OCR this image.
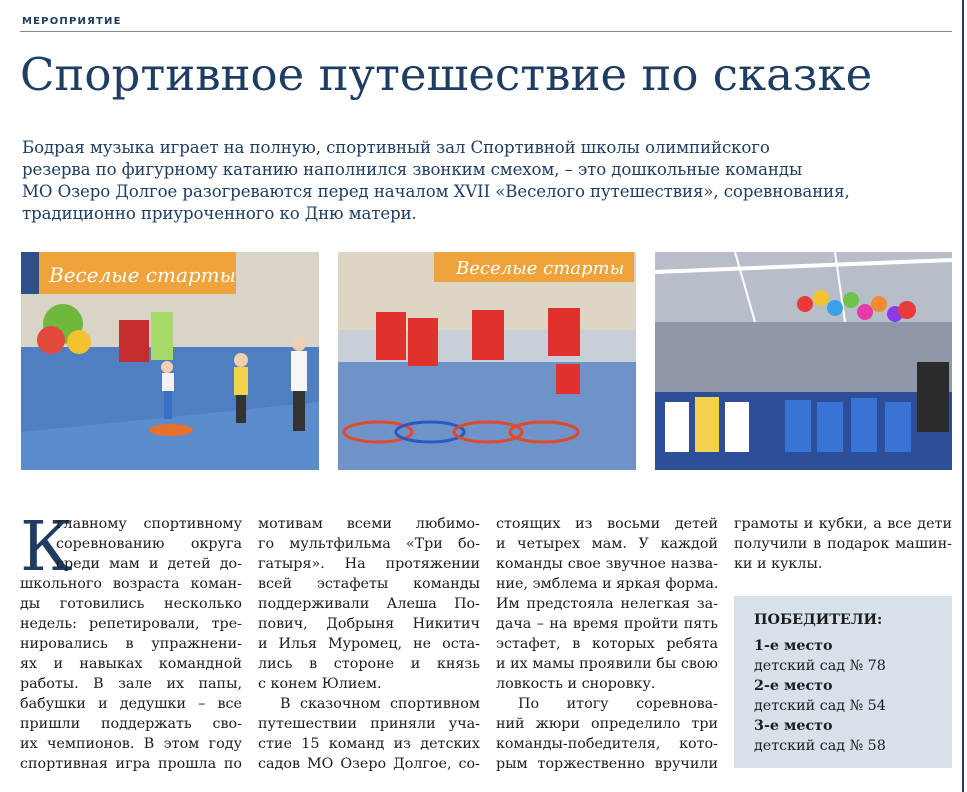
МЕРОПРИЯТИЕ
Спортивное путешествие по сказке
Бодрая музыка играет на полную, спортивный зал Спортивной школы олимпийского
резерва по фигурному катанию наполнился звонким смехом, – это дошкольные команды
МО Озеро Долгое разогреваются перед началом XVII «Веселого путешествия», соревнования,
традиционно приуроченного ко Дню матери.
Веселые старты	Веселые старты
К
главному спортивному
соревнованию округа
среди мам и детей до-
школьного возраста коман-
ды готовились несколько
недель: репетировали, тре-
нировались в упражнени-
ях и навыках командной
работы. В зале их папы,
бабушки и дедушки – все
пришли поддержать сво-
их чемпионов. В этом году
спортивная игра прошла по
мотивам всеми любимо-
го мультфильма «Три бо-
гатыря». На протяжении
всей эстафеты команды
поддерживали Алеша По-
пович, Добрыня Никитич
и Илья Муромец, не оста-
лись в стороне и князь
с конем Юлием.
В сказочном спортивном
путешествии приняли уча-
стие 15 команд из детских
садов МО Озеро Долгое, со-
стоящих из восьми детей
и четырех мам. У каждой
команды свое звучное назва-
ние, эмблема и яркая форма.
Им предстояла нелегкая за-
дача – на время пройти пять
эстафет, в которых ребята
и их мамы проявили бы свою
ловкость и сноровку.
По итогу соревнова-
ний жюри определило три
команды-победителя, кото-
рым торжественно вручили
грамоты и кубки, а все дети
получили в подарок машин-
ки и куклы.
ПОБЕДИТЕЛИ:
1-е место
детский сад № 78
2-е место
детский сад № 54
3-е место
детский сад № 58
